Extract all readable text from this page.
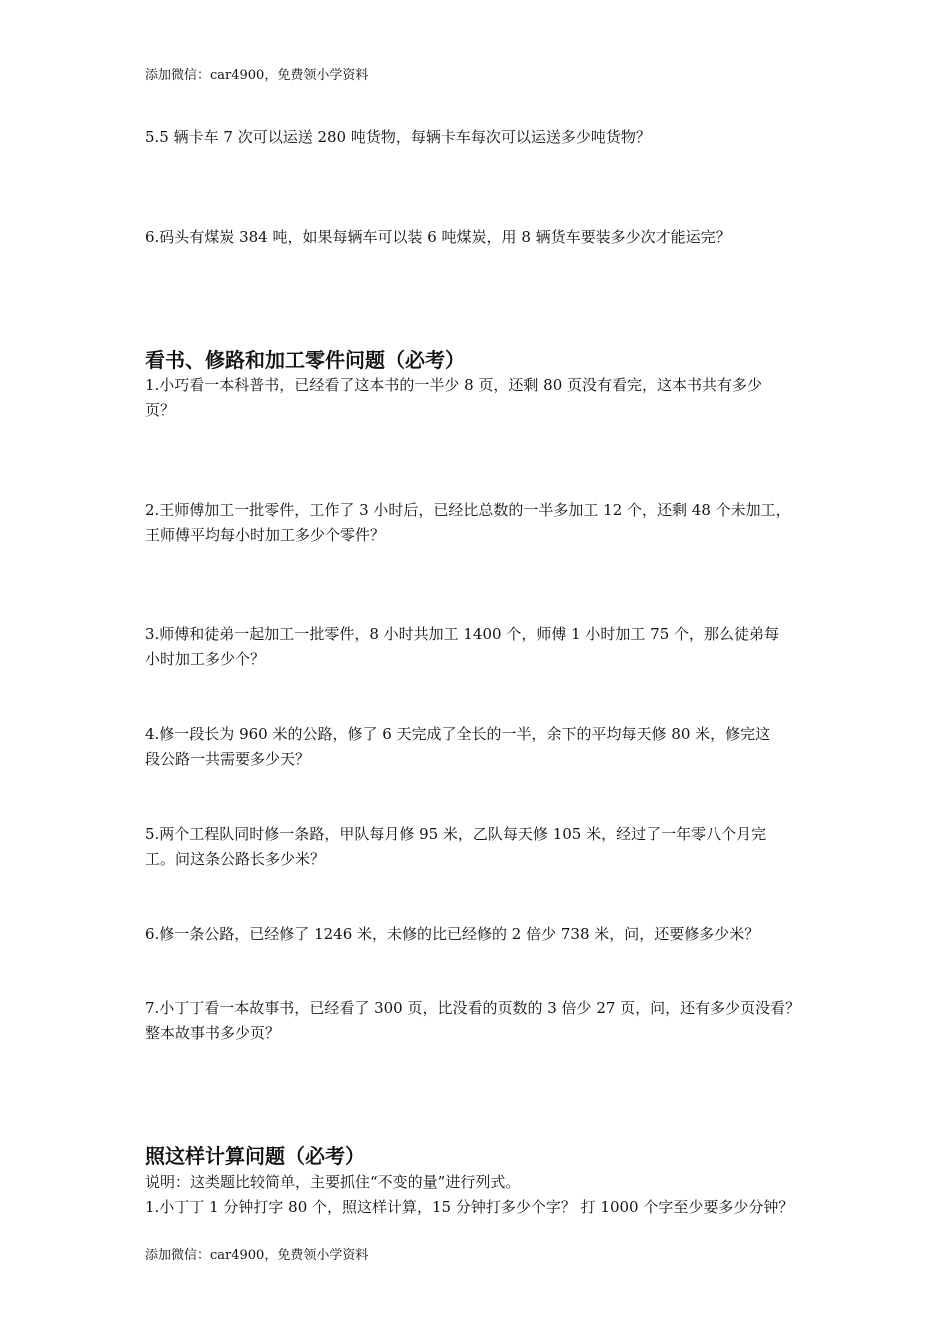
添加微信：car4900，免费领小学资料
5.5 辆卡车 7 次可以运送 280 吨货物，每辆卡车每次可以运送多少吨货物？
6.码头有煤炭 384 吨，如果每辆车可以装 6 吨煤炭，用 8 辆货车要装多少次才能运完？
看书、修路和加工零件问题（必考）
1.小巧看一本科普书，已经看了这本书的一半少 8 页，还剩 80 页没有看完，这本书共有多少
页？
2.王师傅加工一批零件，工作了 3 小时后，已经比总数的一半多加工 12 个，还剩 48 个未加工，
王师傅平均每小时加工多少个零件？
3.师傅和徒弟一起加工一批零件，8 小时共加工 1400 个，师傅 1 小时加工 75 个，那么徒弟每
小时加工多少个？
4.修一段长为 960 米的公路，修了 6 天完成了全长的一半，余下的平均每天修 80 米，修完这
段公路一共需要多少天？
5.两个工程队同时修一条路，甲队每月修 95 米，乙队每天修 105 米，经过了一年零八个月完
工。问这条公路长多少米？
6.修一条公路，已经修了 1246 米，未修的比已经修的 2 倍少 738 米，问，还要修多少米？
7.小丁丁看一本故事书，已经看了 300 页，比没看的页数的 3 倍少 27 页，问，还有多少页没看？
整本故事书多少页？
照这样计算问题（必考）
说明：这类题比较简单，主要抓住“不变的量”进行列式。
1.小丁丁 1 分钟打字 80 个，照这样计算，15 分钟打多少个字？ 打 1000 个字至少要多少分钟？
添加微信：car4900，免费领小学资料
